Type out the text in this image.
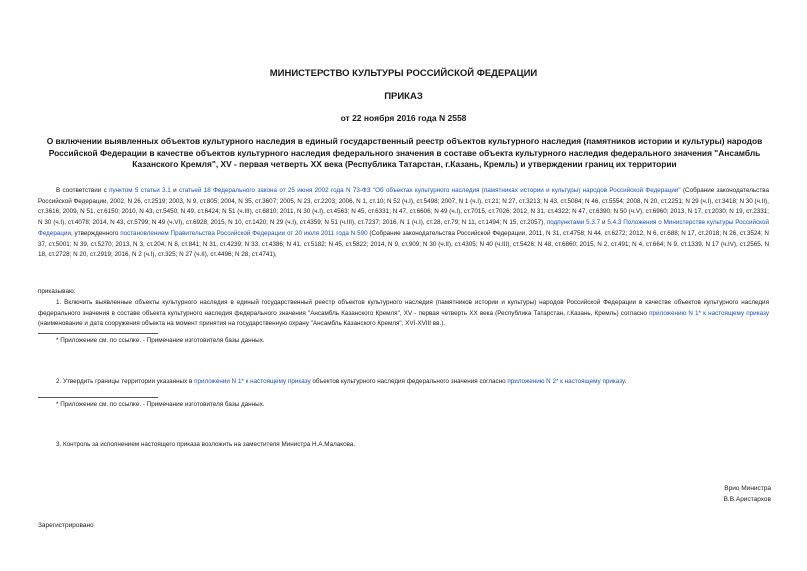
МИНИСТЕРСТВО КУЛЬТУРЫ РОССИЙСКОЙ ФЕДЕРАЦИИ
ПРИКАЗ
от 22 ноября 2016 года N 2558
О включении выявленных объектов культурного наследия в единый государственный реестр объектов культурного наследия (памятников истории и культуры) народов Российской Федерации в качестве объектов культурного наследия федерального значения в составе объекта культурного наследия федерального значения "Ансамбль Казанского Кремля", XV - первая четверть XX века (Республика Татарстан, г.Казань, Кремль) и утверждении границ их территории
В соответствии с пунктом 5 статьи 3.1 и статьей 18 Федерального закона от 25 июня 2002 года N 73-ФЗ "Об объектах культурного наследия (памятниках истории и культуры) народов Российской Федерации" (Собрание законодательства Российской Федерации, 2002, N 26, ст.2519; 2003, N 9, ст.805; 2004, N 35, ст.3607; 2005, N 23, ст.2203; 2006, N 1, ст.10; N 52 (ч.I), ст.5498; 2007, N 1 (ч.I), ст.21; N 27, ст.3213; N 43, ст.5084; N 46, ст.5554; 2008, N 20, ст.2251; N 29 (ч.I), ст.3418; N 30 (ч.II), ст.3616; 2009, N 51, ст.6150; 2010, N 43, ст.5450; N 49, ст.6424; N 51 (ч.III), ст.6810; 2011, N 30 (ч.I), ст.4563; N 45, ст.6331; N 47, ст.6606; N 49 (ч.I), ст.7015, ст.7026; 2012, N 31, ст.4322; N 47, ст.6390; N 50 (ч.V), ст.6960; 2013, N 17, ст.2030; N 19, ст.2331; N 30 (ч.I), ст.4078; 2014, N 43, ст.5799; N 49 (ч.VI), ст.6928; 2015, N 10, ст.1420; N 29 (ч.I), ст.4359; N 51 (ч.III), ст.7237; 2016, N 1 (ч.I), ст.28, ст.79; N 11, ст.1494; N 15, ст.2057), подпунктами 5.3.7 и 5.4.3 Положения о Министерстве культуры Российской Федерации, утвержденного постановлением Правительства Российской Федерации от 20 июля 2011 года N 590 (Собрание законодательства Российской Федерации, 2011, N 31, ст.4758; N 44, ст.6272; 2012, N 6, ст.688; N 17, ст.2018; N 26, ст.3524; N 37, ст.5001; N 39, ст.5270; 2013, N 3, ст.204; N 8, ст.841; N 31, ст.4239; N 33, ст.4386; N 41, ст.5182; N 45, ст.5822; 2014, N 9, ст.909; N 30 (ч.II), ст.4305; N 40 (ч.III), ст.5426; N 48, ст.6860; 2015, N 2, ст.491; N 4, ст.664; N 9, ст.1339, N 17 (ч.IV), ст.2565, N 18, ст.2728; N 20, ст.2919; 2016, N 2 (ч.I), ст.325; N 27 (ч.II), ст.4496; N 28, ст.4741),
приказываю:
1. Включить выявленные объекты культурного наследия в единый государственный реестр объектов культурного наследия (памятников истории и культуры) народов Российской Федерации в качестве объектов культурного наследия федерального значения в составе объекта культурного наследия федерального значения "Ансамбль Казанского Кремля", XV - первая четверть XX века (Республика Татарстан, г.Казань, Кремль) согласно приложению N 1* к настоящему приказу (наименование и дата сооружения объекта на момент принятия на государственную охрану "Ансамбль Казанского Кремля", XVI-XVIII вв.).
* Приложение см. по ссылке. - Примечание изготовителя базы данных.
2. Утвердить границы территории указанных в приложении N 1* к настоящему приказу объектов культурного наследия федерального значения согласно приложению N 2* к настоящему приказу.
* Приложение см. по ссылке. - Примечание изготовителя базы данных.
3. Контроль за исполнением настоящего приказа возложить на заместителя Министра Н.А.Малакова.
Врио Министра
В.В.Аристархов
Зарегистрировано
